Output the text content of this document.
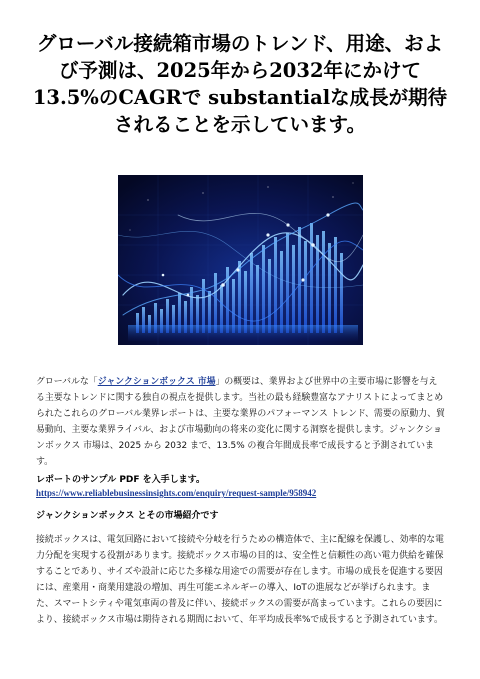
グローバル接続箱市場のトレンド、用途、および予測は、2025年から2032年にかけて13.5%のCAGRで substantialな成長が期待されることを示しています。

グローバルな「ジャンクションボックス 市場」の概要は、業界および世界中の主要市場に影響を与える主要なトレンドに関する独自の視点を提供します。当社の最も経験豊富なアナリストによってまとめられたこれらのグローバル業界レポートは、主要な業界のパフォーマンス トレンド、需要の原動力、貿易動向、主要な業界ライバル、および市場動向の将来の変化に関する洞察を提供します。ジャンクションボックス 市場は、2025 から 2032 まで、13.5% の複合年間成長率で成長すると予測されています。

レポートのサンプル PDF を入手します。

https://www.reliablebusinessinsights.com/enquiry/request-sample/958942

ジャンクションボックス とその市場紹介です

接続ボックスは、電気回路において接続や分岐を行うための構造体で、主に配線を保護し、効率的な電力分配を実現する役割があります。接続ボックス市場の目的は、安全性と信頼性の高い電力供給を確保することであり、サイズや設計に応じた多様な用途での需要が存在します。市場の成長を促進する要因には、産業用・商業用建設の増加、再生可能エネルギーの導入、IoTの進展などが挙げられます。また、スマートシティや電気車両の普及に伴い、接続ボックスの需要が高まっています。これらの要因により、接続ボックス市場は期待される期間において、年平均成長率%で成長すると予測されています。
